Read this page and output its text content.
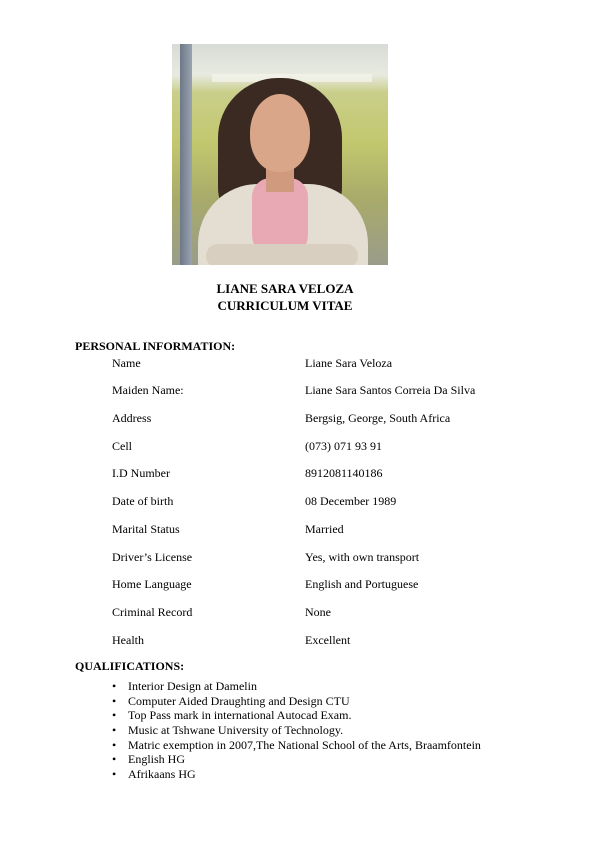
LIANE SARA VELOZA
CURRICULUM VITAE
PERSONAL INFORMATION:
Name	Liane Sara Veloza
Maiden Name:	Liane Sara Santos Correia Da Silva
Address	Bergsig, George, South Africa
Cell	(073) 071 93 91
I.D Number	8912081140186
Date of birth	08 December 1989
Marital Status	Married
Driver’s License	Yes, with own transport
Home Language	English and Portuguese
Criminal Record	None
Health	Excellent
QUALIFICATIONS:
• Interior Design at Damelin
• Computer Aided Draughting and Design CTU
• Top Pass mark in international Autocad Exam.
• Music at Tshwane University of Technology.
• Matric exemption in 2007,The National School of the Arts, Braamfontein
• English HG
• Afrikaans HG
